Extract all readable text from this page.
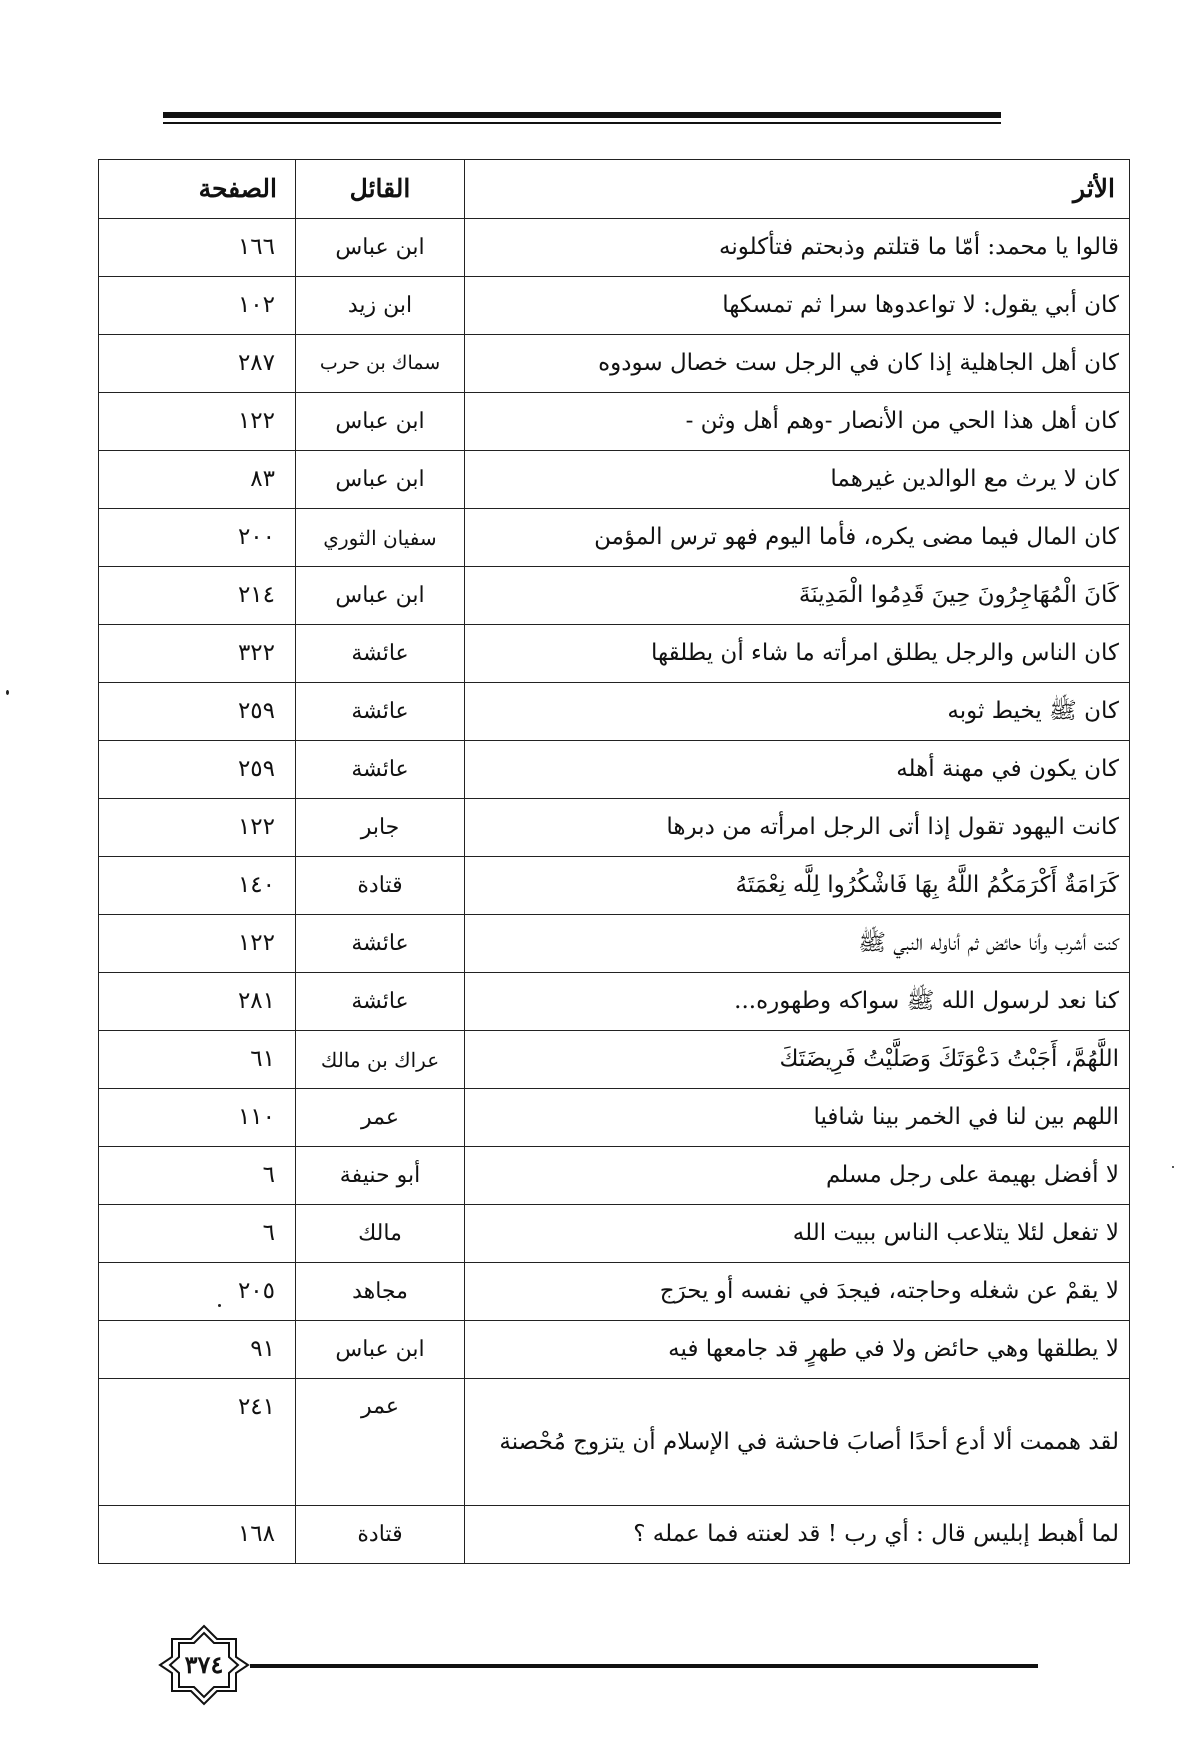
الأثر	القائل	الصفحة
قالوا يا محمد: أمّا ما قتلتم وذبحتم فتأكلونه	ابن عباس	١٦٦
كان أبي يقول: لا تواعدوها سرا ثم تمسكها	ابن زيد	١٠٢
كان أهل الجاهلية إذا كان في الرجل ست خصال سودوه	سماك بن حرب	٢٨٧
كان أهل هذا الحي من الأنصار -وهم أهل وثن -	ابن عباس	١٢٢
كان لا يرث مع الوالدين غيرهما	ابن عباس	٨٣
كان المال فيما مضى يكره، فأما اليوم فهو ترس المؤمن	سفيان الثوري	٢٠٠
كَانَ الْمُهَاجِرُونَ حِينَ قَدِمُوا الْمَدِينَةَ	ابن عباس	٢١٤
كان الناس والرجل يطلق امرأته ما شاء أن يطلقها	عائشة	٣٢٢
كان ﷺ يخيط ثوبه	عائشة	٢٥٩
كان يكون في مهنة أهله	عائشة	٢٥٩
كانت اليهود تقول إذا أتى الرجل امرأته من دبرها	جابر	١٢٢
كَرَامَةٌ أَكْرَمَكُمُ اللَّهُ بِهَا فَاشْكُرُوا لِلَّه نِعْمَتَهُ	قتادة	١٤٠
كنت أشرب وأنا حائض ثم أناوله النبي ﷺ	عائشة	١٢٢
كنا نعد لرسول الله ﷺ سواكه وطهوره...	عائشة	٢٨١
اللَّهُمَّ، أَجَبْتُ دَعْوَتَكَ وَصَلَّيْتُ فَرِيضَتَكَ	عراك بن مالك	٦١
اللهم بين لنا في الخمر بينا شافيا	عمر	١١٠
لا أفضل بهيمة على رجل مسلم	أبو حنيفة	٦
لا تفعل لئلا يتلاعب الناس ببيت الله	مالك	٦
لا يقمْ عن شغله وحاجته، فيجدَ في نفسه أو يحرَج	مجاهد	٢٠٥
لا يطلقها وهي حائض ولا في طهرٍ قد جامعها فيه	ابن عباس	٩١
لقد هممت ألا أدع أحدًا أصابَ فاحشة في الإسلام أن يتزوج مُحْصنة	عمر	٢٤١
لما أهبط إبليس قال : أي رب ! قد لعنته فما عمله ؟	قتادة	١٦٨
٣٧٤
